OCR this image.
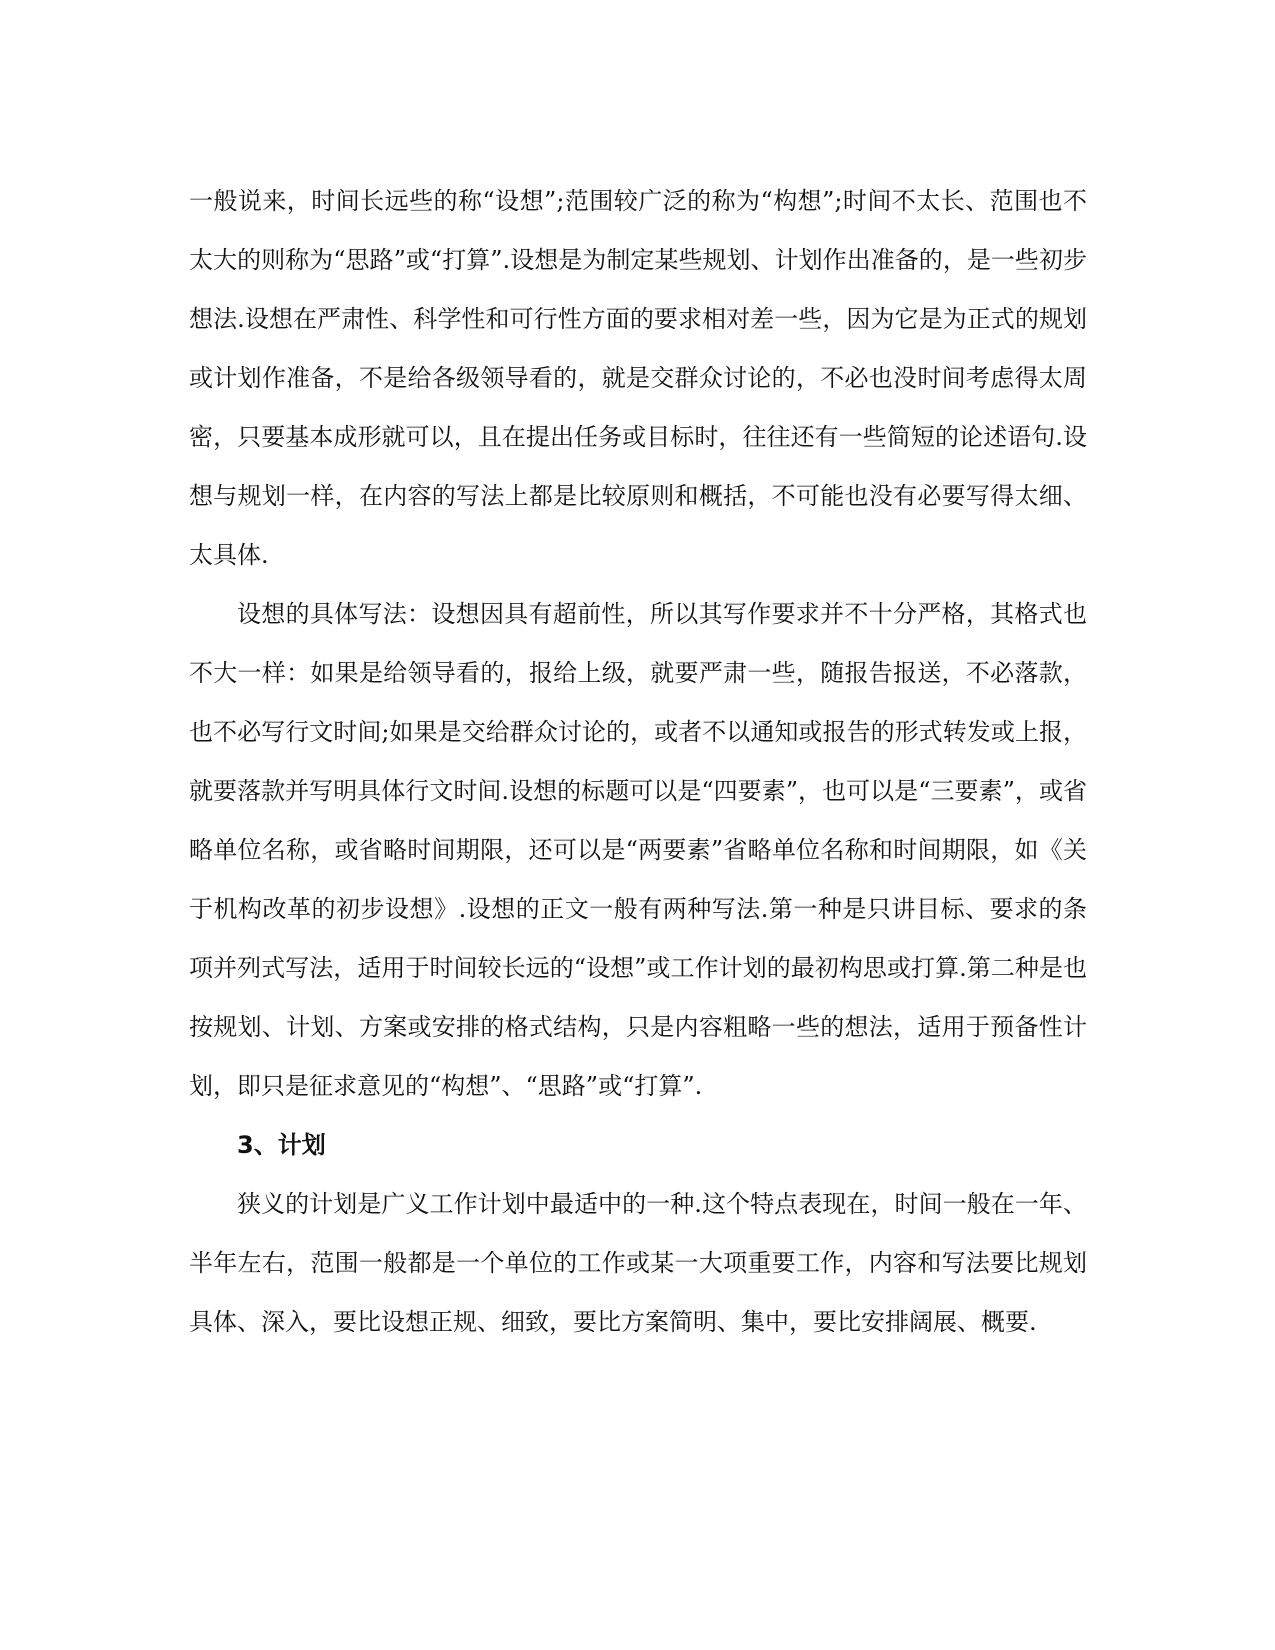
一般说来，时间长远些的称“设想”;范围较广泛的称为“构想”;时间不太长、范围也不太大的则称为“思路”或“打算”.设想是为制定某些规划、计划作出准备的，是一些初步想法.设想在严肃性、科学性和可行性方面的要求相对差一些，因为它是为正式的规划或计划作准备，不是给各级领导看的，就是交群众讨论的，不必也没时间考虑得太周密，只要基本成形就可以，且在提出任务或目标时，往往还有一些简短的论述语句.设想与规划一样，在内容的写法上都是比较原则和概括，不可能也没有必要写得太细、太具体.

设想的具体写法：设想因具有超前性，所以其写作要求并不十分严格，其格式也不大一样：如果是给领导看的，报给上级，就要严肃一些，随报告报送，不必落款，也不必写行文时间;如果是交给群众讨论的，或者不以通知或报告的形式转发或上报，就要落款并写明具体行文时间.设想的标题可以是“四要素”，也可以是“三要素”，或省略单位名称，或省略时间期限，还可以是“两要素”省略单位名称和时间期限，如《关于机构改革的初步设想》.设想的正文一般有两种写法.第一种是只讲目标、要求的条项并列式写法，适用于时间较长远的“设想”或工作计划的最初构思或打算.第二种是也按规划、计划、方案或安排的格式结构，只是内容粗略一些的想法，适用于预备性计划，即只是征求意见的“构想”、“思路”或“打算”.

3、计划

狭义的计划是广义工作计划中最适中的一种.这个特点表现在，时间一般在一年、半年左右，范围一般都是一个单位的工作或某一大项重要工作，内容和写法要比规划具体、深入，要比设想正规、细致，要比方案简明、集中，要比安排阔展、概要.
